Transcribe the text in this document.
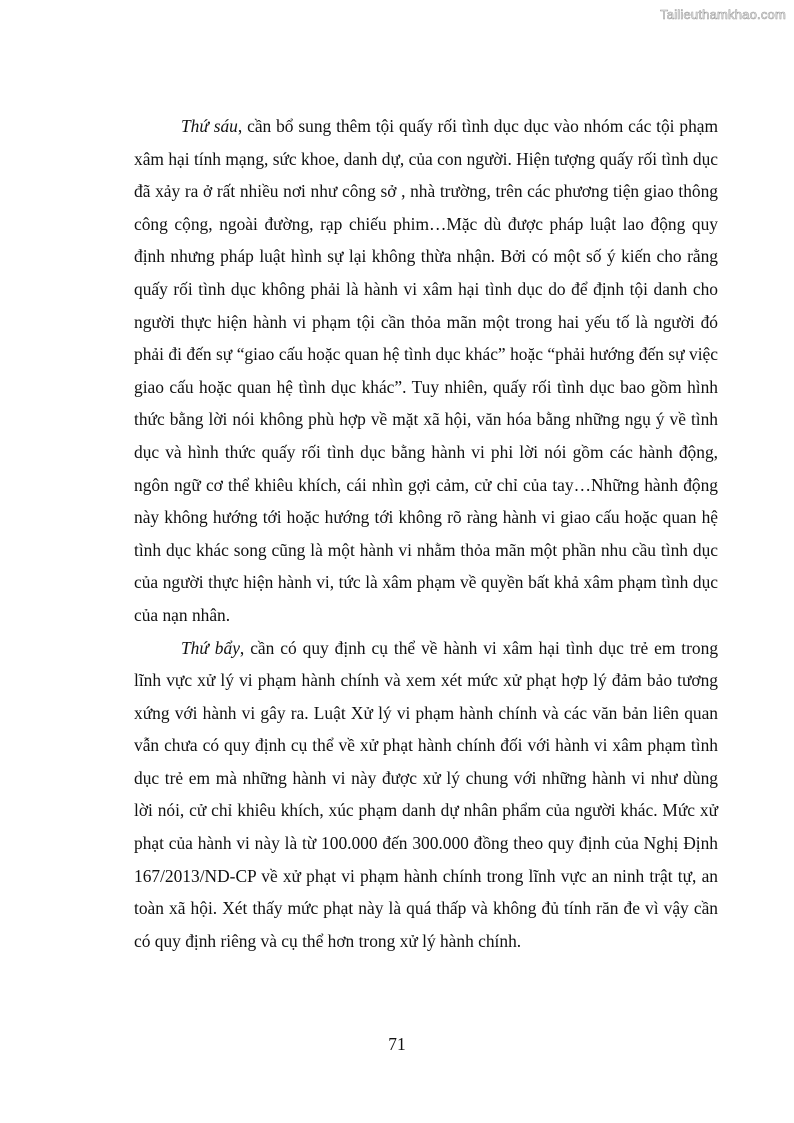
Tailieuthamkhao.com

Thứ sáu, cần bổ sung thêm tội quấy rối tình dục dục vào nhóm các tội phạm xâm hại tính mạng, sức khoe, danh dự, của con người. Hiện tượng quấy rối tình dục đã xảy ra ở rất nhiều nơi như công sở , nhà trường, trên các phương tiện giao thông công cộng, ngoài đường, rạp chiếu phim…Mặc dù được pháp luật lao động quy định nhưng pháp luật hình sự lại không thừa nhận. Bởi có một số ý kiến cho rằng quấy rối tình dục không phải là hành vi xâm hại tình dục do để định tội danh cho người thực hiện hành vi phạm tội cần thỏa mãn một trong hai yếu tố là người đó phải đi đến sự “giao cấu hoặc quan hệ tình dục khác” hoặc “phải hướng đến sự việc giao cấu hoặc quan hệ tình dục khác”. Tuy nhiên, quấy rối tình dục bao gồm hình thức bằng lời nói không phù hợp về mặt xã hội, văn hóa bằng những ngụ ý về tình dục và hình thức quấy rối tình dục bằng hành vi phi lời nói gồm các hành động, ngôn ngữ cơ thể khiêu khích, cái nhìn gợi cảm, cử chỉ của tay…Những hành động này không hướng tới hoặc hướng tới không rõ ràng hành vi giao cấu hoặc quan hệ tình dục khác song cũng là một hành vi nhằm thỏa mãn một phần nhu cầu tình dục của người thực hiện hành vi, tức là xâm phạm về quyền bất khả xâm phạm tình dục của nạn nhân.

Thứ bẩy, cần có quy định cụ thể về hành vi xâm hại tình dục trẻ em trong lĩnh vực xử lý vi phạm hành chính và xem xét mức xử phạt hợp lý đảm bảo tương xứng với hành vi gây ra. Luật Xử lý vi phạm hành chính và các văn bản liên quan vẫn chưa có quy định cụ thể về xử phạt hành chính đối với hành vi xâm phạm tình dục trẻ em mà những hành vi này được xử lý chung với những hành vi như dùng lời nói, cử chỉ khiêu khích, xúc phạm danh dự nhân phẩm của người khác. Mức xử phạt của hành vi này là từ 100.000 đến 300.000 đồng theo quy định của Nghị Định 167/2013/ND-CP về xử phạt vi phạm hành chính trong lĩnh vực an ninh trật tự, an toàn xã hội. Xét thấy mức phạt này là quá thấp và không đủ tính răn đe vì vậy cần có quy định riêng và cụ thể hơn trong xử lý hành chính.

71
